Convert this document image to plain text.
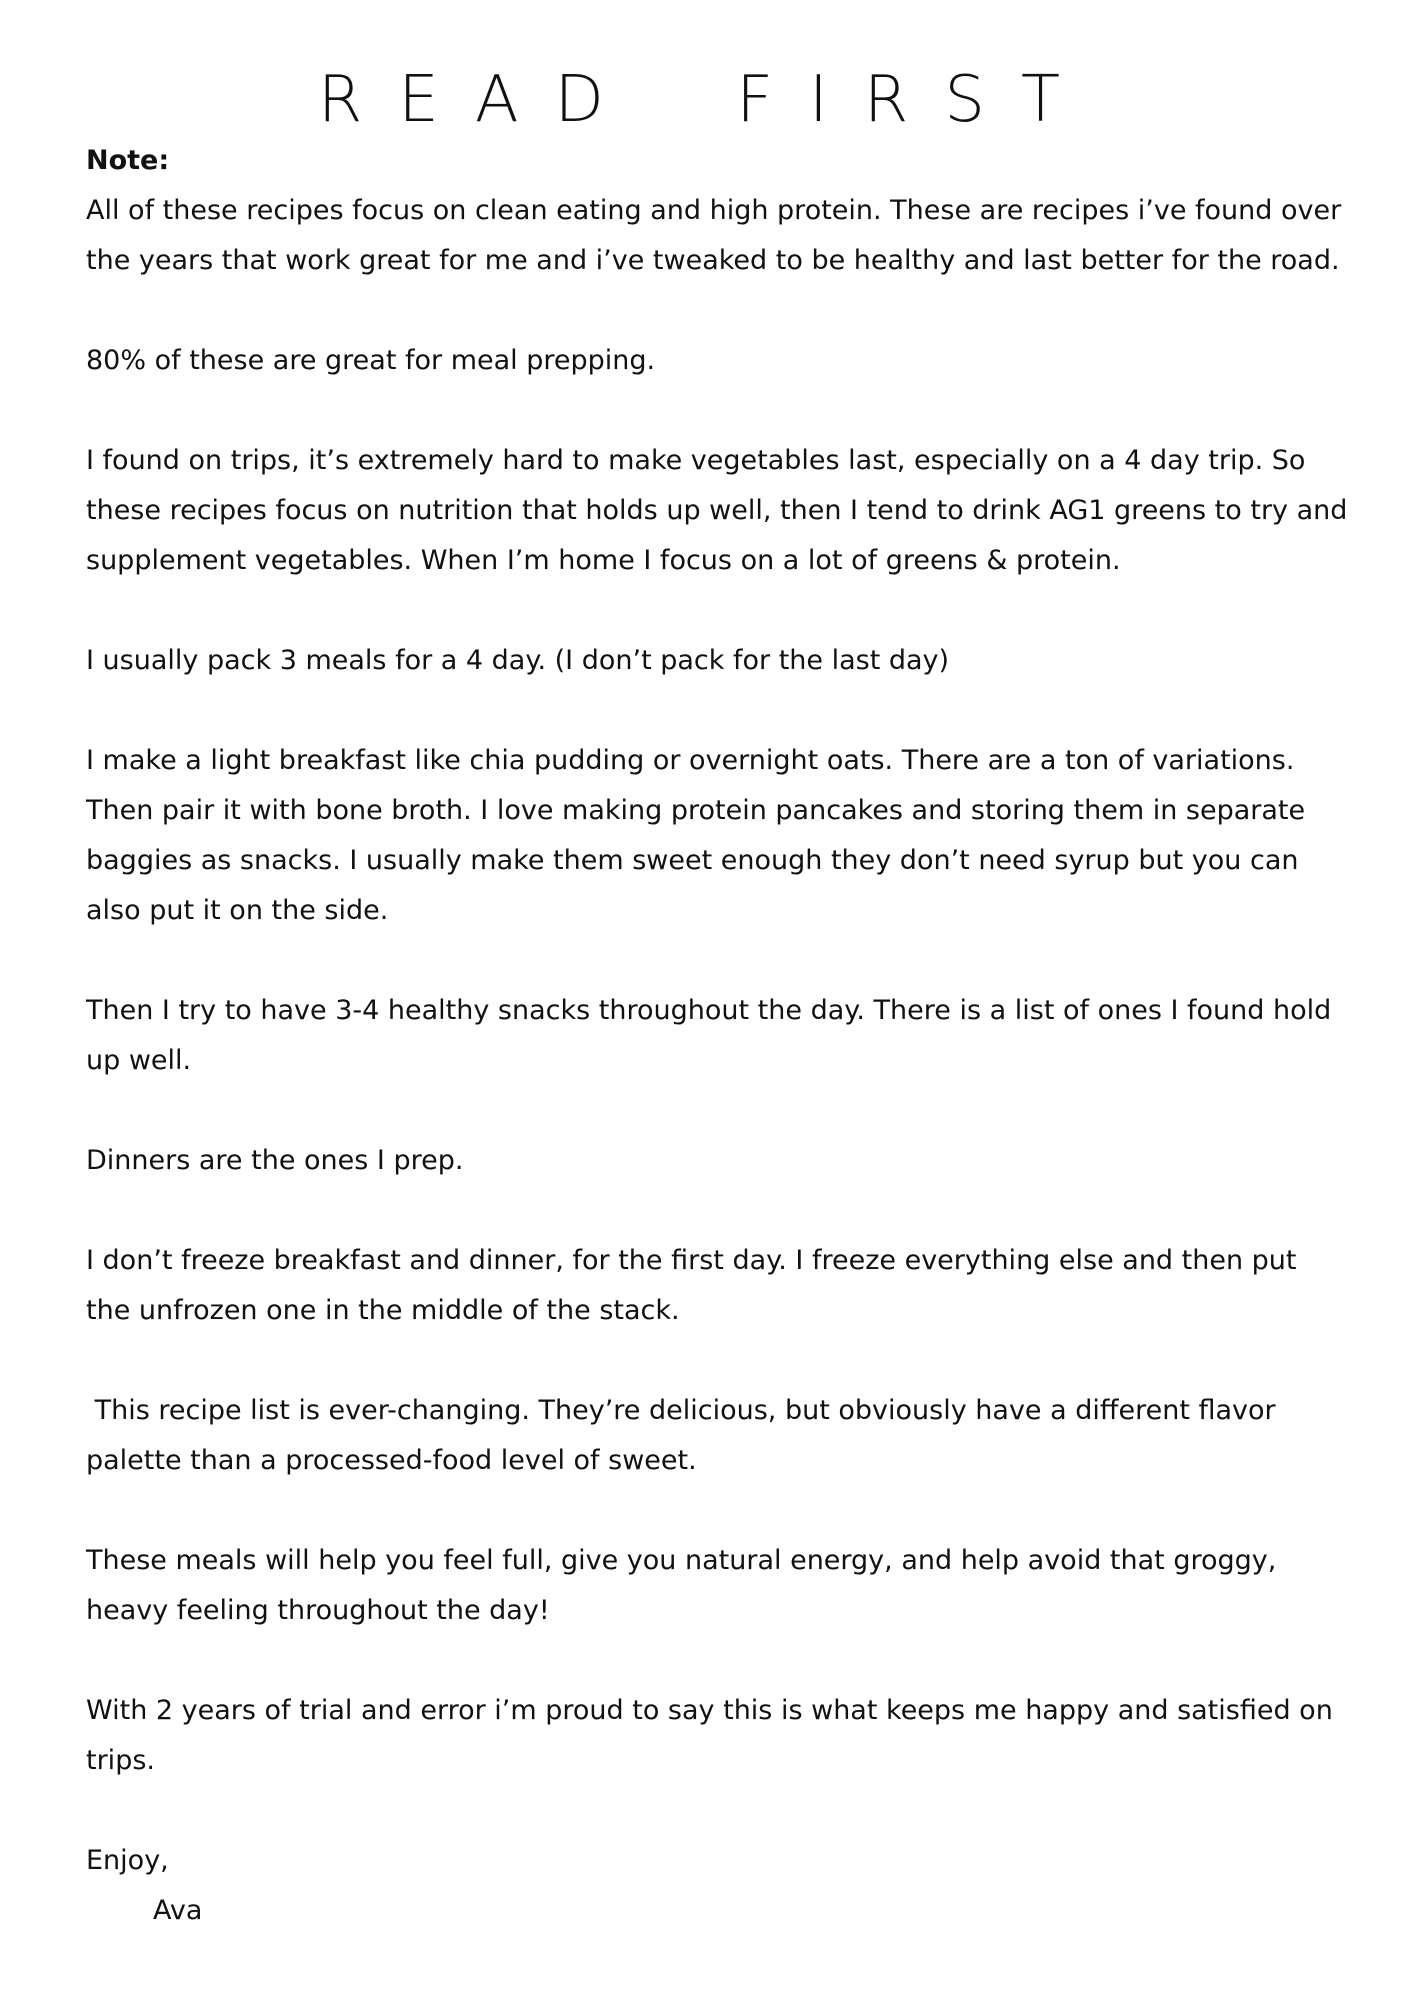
READ FIRST

Note:

All of these recipes focus on clean eating and high protein. These are recipes i’ve found over the years that work great for me and i’ve tweaked to be healthy and last better for the road.

80% of these are great for meal prepping.

I found on trips, it’s extremely hard to make vegetables last, especially on a 4 day trip. So these recipes focus on nutrition that holds up well, then I tend to drink AG1 greens to try and supplement vegetables. When I’m home I focus on a lot of greens & protein.

I usually pack 3 meals for a 4 day. (I don’t pack for the last day)

I make a light breakfast like chia pudding or overnight oats. There are a ton of variations. Then pair it with bone broth. I love making protein pancakes and storing them in separate baggies as snacks. I usually make them sweet enough they don’t need syrup but you can also put it on the side.

Then I try to have 3-4 healthy snacks throughout the day. There is a list of ones I found hold up well.

Dinners are the ones I prep.

I don’t freeze breakfast and dinner, for the first day. I freeze everything else and then put the unfrozen one in the middle of the stack.

This recipe list is ever-changing. They’re delicious, but obviously have a different flavor palette than a processed-food level of sweet.

These meals will help you feel full, give you natural energy, and help avoid that groggy, heavy feeling throughout the day!

With 2 years of trial and error i’m proud to say this is what keeps me happy and satisfied on trips.

Enjoy,

Ava
